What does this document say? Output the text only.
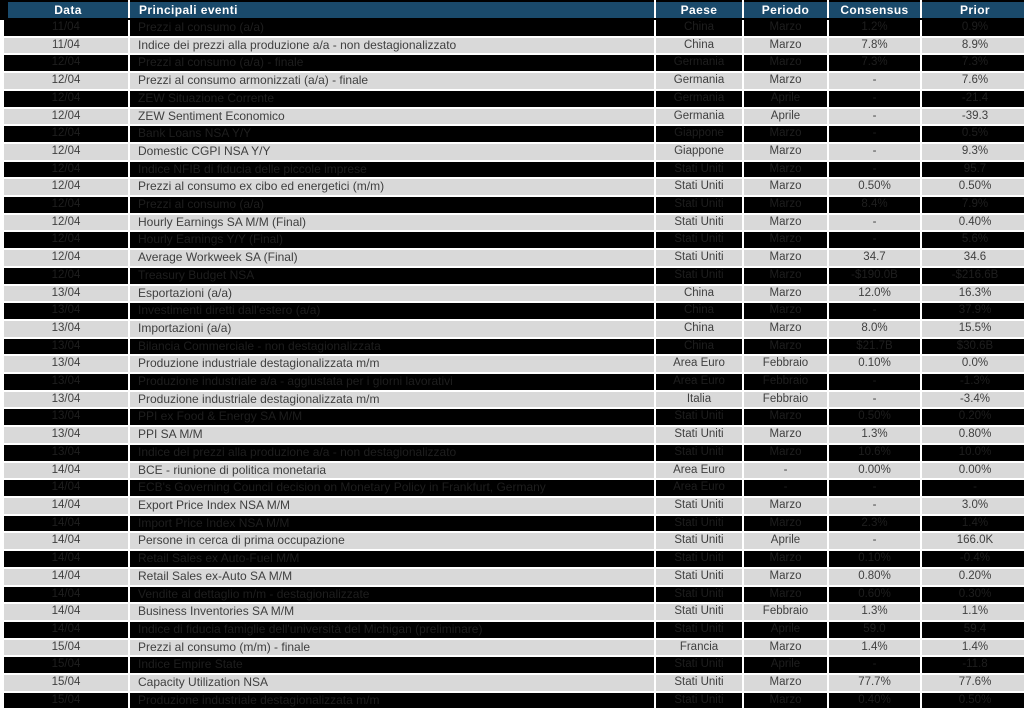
Data	Principali eventi	Paese	Periodo	Consensus	Prior
11/04	Prezzi al consumo (a/a)	China	Marzo	1.2%	0.9%
11/04	Indice dei prezzi alla produzione a/a - non destagionalizzato	China	Marzo	7.8%	8.9%
12/04	Prezzi al consumo (a/a) - finale	Germania	Marzo	7.3%	7.3%
12/04	Prezzi al consumo armonizzati (a/a) - finale	Germania	Marzo	-	7.6%
12/04	ZEW Situazione Corrente	Germania	Aprile	-	-21.4
12/04	ZEW Sentiment Economico	Germania	Aprile	-	-39.3
12/04	Bank Loans NSA Y/Y	Giappone	Marzo	-	0.5%
12/04	Domestic CGPI NSA Y/Y	Giappone	Marzo	-	9.3%
12/04	Indice NFIB di fiducia delle piccole imprese	Stati Uniti	Marzo	-	95.7
12/04	Prezzi al consumo ex cibo ed energetici (m/m)	Stati Uniti	Marzo	0.50%	0.50%
12/04	Prezzi al consumo (a/a)	Stati Uniti	Marzo	8.4%	7.9%
12/04	Hourly Earnings SA M/M (Final)	Stati Uniti	Marzo	-	0.40%
12/04	Hourly Earnings Y/Y (Final)	Stati Uniti	Marzo	-	5.6%
12/04	Average Workweek SA (Final)	Stati Uniti	Marzo	34.7	34.6
12/04	Treasury Budget NSA	Stati Uniti	Marzo	-$190.0B	-$216.6B
13/04	Esportazioni (a/a)	China	Marzo	12.0%	16.3%
13/04	Investimenti diretti dall'estero (a/a)	China	Marzo	-	37.9%
13/04	Importazioni (a/a)	China	Marzo	8.0%	15.5%
13/04	Bilancia Commerciale - non destagionalizzata	China	Marzo	$21.7B	$30.6B
13/04	Produzione industriale destagionalizzata m/m	Area Euro	Febbraio	0.10%	0.0%
13/04	Produzione industriale a/a - aggiustata per i giorni lavorativi	Area Euro	Febbraio	-	-1.3%
13/04	Produzione industriale destagionalizzata m/m	Italia	Febbraio	-	-3.4%
13/04	PPI ex Food & Energy SA M/M	Stati Uniti	Marzo	0.50%	0.20%
13/04	PPI SA M/M	Stati Uniti	Marzo	1.3%	0.80%
13/04	Indice dei prezzi alla produzione a/a - non destagionalizzato	Stati Uniti	Marzo	10.6%	10.0%
14/04	BCE - riunione di politica monetaria	Area Euro	-	0.00%	0.00%
14/04	ECB's Governing Council decision on Monetary Policy in Frankfurt, Germany	Area Euro	-	-	-
14/04	Export Price Index NSA M/M	Stati Uniti	Marzo	-	3.0%
14/04	Import Price Index NSA M/M	Stati Uniti	Marzo	2.3%	1.4%
14/04	Persone in cerca di prima occupazione	Stati Uniti	Aprile	-	166.0K
14/04	Retail Sales ex Auto-Fuel M/M	Stati Uniti	Marzo	0.10%	-0.4%
14/04	Retail Sales ex-Auto SA M/M	Stati Uniti	Marzo	0.80%	0.20%
14/04	Vendite al dettaglio m/m - destagionalizzate	Stati Uniti	Marzo	0.60%	0.30%
14/04	Business Inventories SA M/M	Stati Uniti	Febbraio	1.3%	1.1%
14/04	Indice di fiducia famiglie dell'università del Michigan (preliminare)	Stati Uniti	Aprile	59.0	59.4
15/04	Prezzi al consumo (m/m) - finale	Francia	Marzo	1.4%	1.4%
15/04	Indice Empire State	Stati Uniti	Aprile	-	-11.8
15/04	Capacity Utilization NSA	Stati Uniti	Marzo	77.7%	77.6%
15/04	Produzione industriale destagionalizzata m/m	Stati Uniti	Marzo	0.40%	0.50%
